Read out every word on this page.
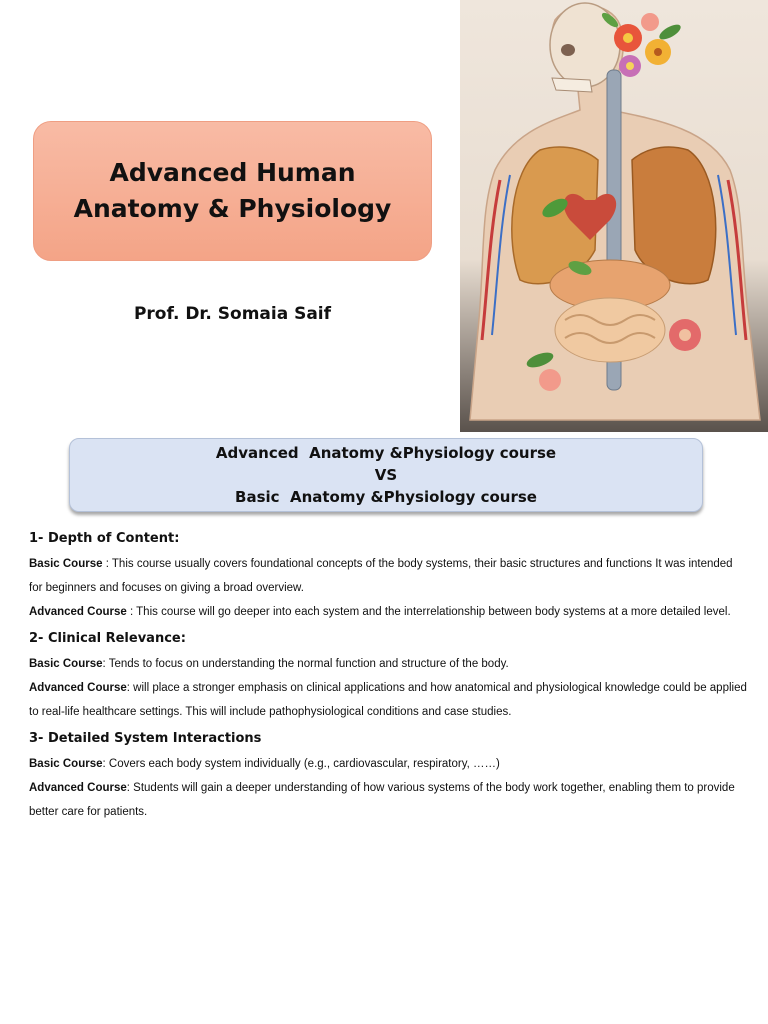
Advanced Human
Anatomy & Physiology
Prof. Dr. Somaia Saif
Advanced  Anatomy &Physiology course
VS
Basic  Anatomy &Physiology course
1- Depth of Content:

Basic Course : This course usually covers foundational concepts of the body systems, their basic structures and functions It was intended for beginners and focuses on giving a broad overview.

Advanced Course : This course will go deeper into each system and the interrelationship between body systems at a more detailed level.

2- Clinical Relevance:

Basic Course: Tends to focus on understanding the normal function and structure of the body.

Advanced Course: will place a stronger emphasis on clinical applications and how anatomical and physiological knowledge could be applied to real-life healthcare settings. This will include pathophysiological conditions and case studies.

3- Detailed System Interactions

Basic Course: Covers each body system individually (e.g., cardiovascular, respiratory, ……)

Advanced Course: Students will gain a deeper understanding of how various systems of the body work together, enabling them to provide better care for patients.
